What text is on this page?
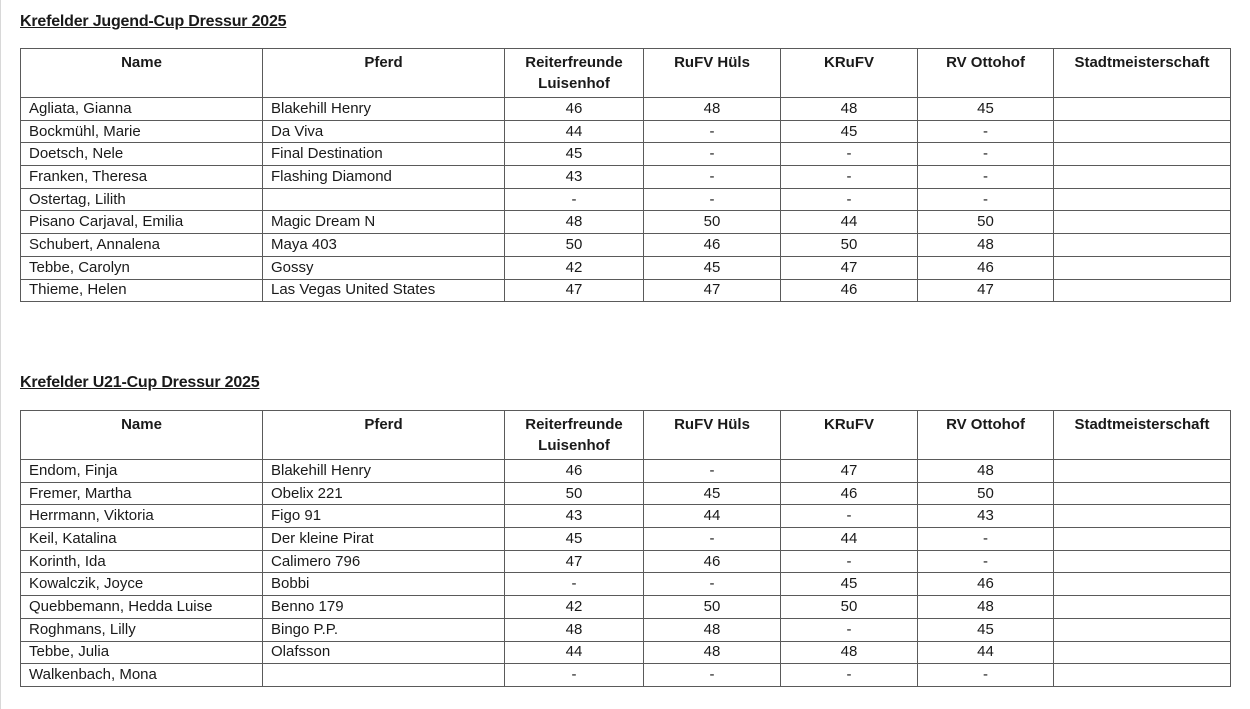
Krefelder Jugend-Cup Dressur 2025
Name	Pferd	Reiterfreunde Luisenhof	RuFV Hüls	KRuFV	RV Ottohof	Stadtmeisterschaft
Agliata, Gianna	Blakehill Henry	46	48	48	45	
Bockmühl, Marie	Da Viva	44	-	45	-	
Doetsch, Nele	Final Destination	45	-	-	-	
Franken, Theresa	Flashing Diamond	43	-	-	-	
Ostertag, Lilith		-	-	-	-	
Pisano Carjaval, Emilia	Magic Dream N	48	50	44	50	
Schubert, Annalena	Maya 403	50	46	50	48	
Tebbe, Carolyn	Gossy	42	45	47	46	
Thieme, Helen	Las Vegas United States	47	47	46	47	
Krefelder U21-Cup Dressur 2025
Name	Pferd	Reiterfreunde Luisenhof	RuFV Hüls	KRuFV	RV Ottohof	Stadtmeisterschaft
Endom, Finja	Blakehill Henry	46	-	47	48	
Fremer, Martha	Obelix 221	50	45	46	50	
Herrmann, Viktoria	Figo 91	43	44	-	43	
Keil, Katalina	Der kleine Pirat	45	-	44	-	
Korinth, Ida	Calimero 796	47	46	-	-	
Kowalczik, Joyce	Bobbi	-	-	45	46	
Quebbemann, Hedda Luise	Benno 179	42	50	50	48	
Roghmans, Lilly	Bingo P.P.	48	48	-	45	
Tebbe, Julia	Olafsson	44	48	48	44	
Walkenbach, Mona		-	-	-	-	
